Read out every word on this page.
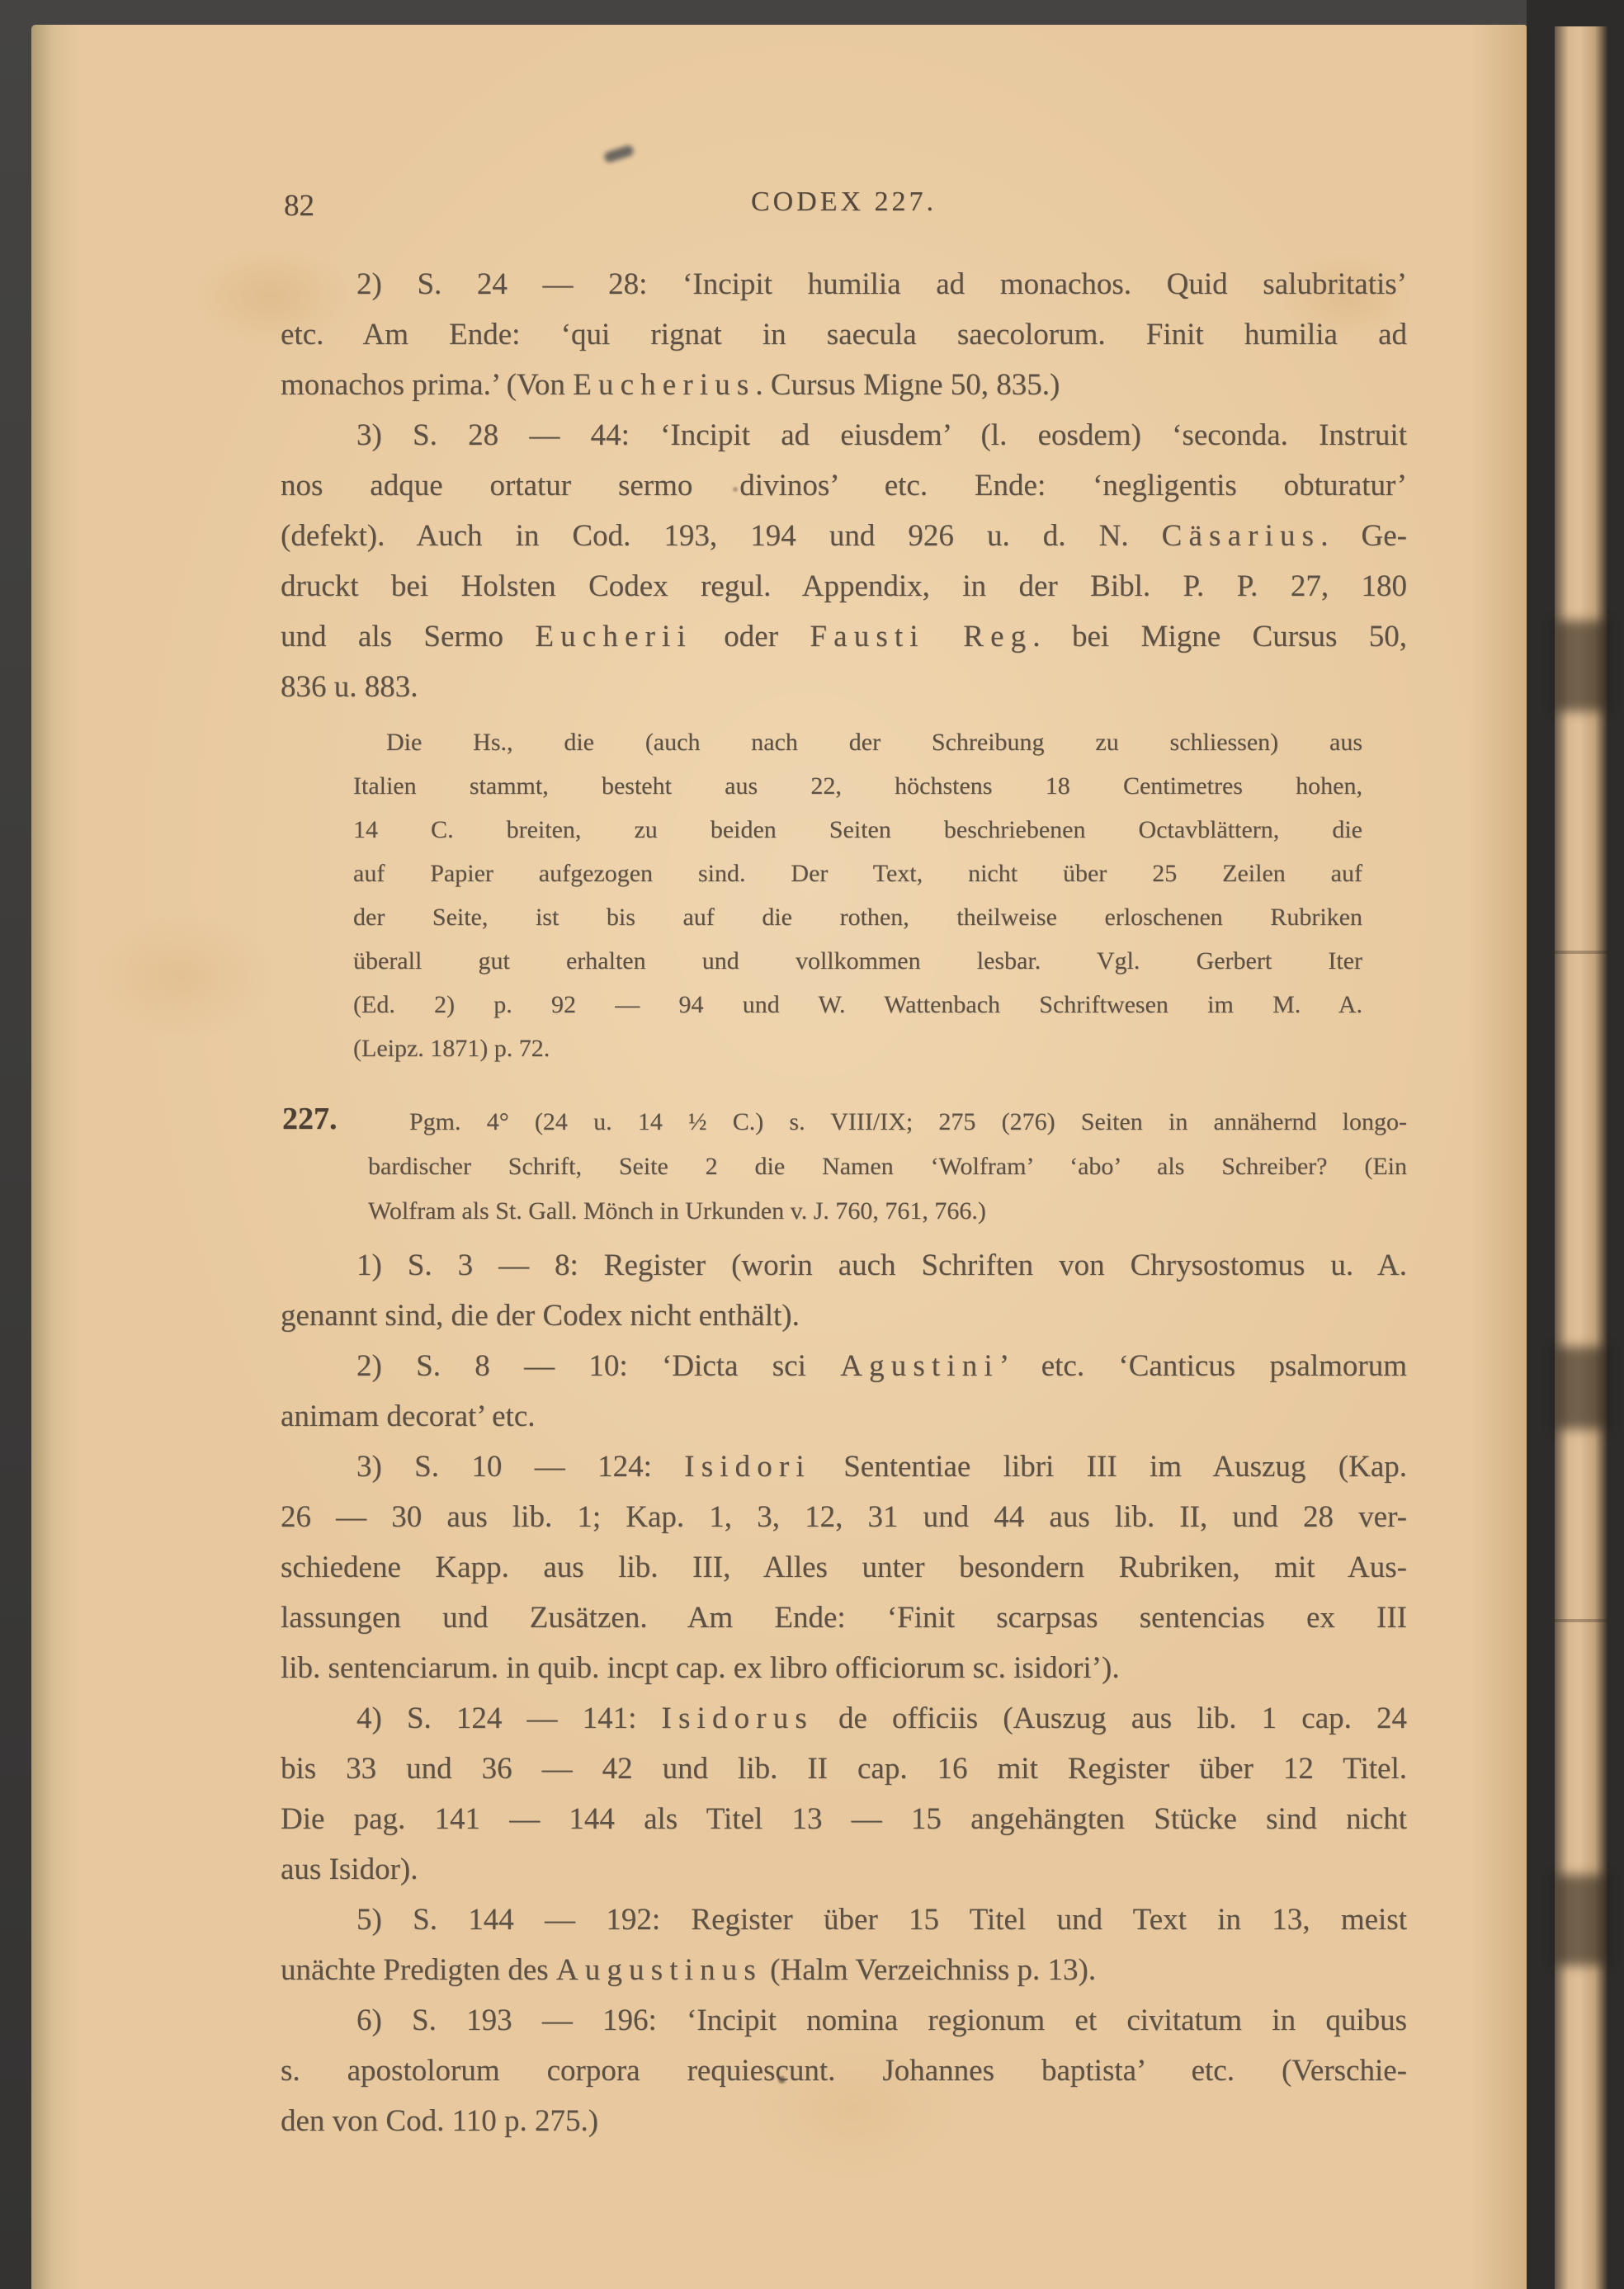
82	CODEX 227.
2) S. 24 — 28: ‘Incipit humilia ad monachos. Quid salubritatis’
etc. Am Ende: ‘qui rignat in saecula saecolorum. Finit humilia ad
monachos prima.’ (Von Eucherius. Cursus Migne 50, 835.)
3) S. 28 — 44: ‘Incipit ad eiusdem’ (l. eosdem) ‘seconda. Instruit
nos adque ortatur sermo divinos’ etc. Ende: ‘negligentis obturatur’
(defekt). Auch in Cod. 193, 194 und 926 u. d. N. Cäsarius. Ge-
druckt bei Holsten Codex regul. Appendix, in der Bibl. P. P. 27, 180
und als Sermo Eucherii oder Fausti Reg. bei Migne Cursus 50,
836 u. 883.
Die Hs., die (auch nach der Schreibung zu schliessen) aus
Italien stammt, besteht aus 22, höchstens 18 Centimetres hohen,
14 C. breiten, zu beiden Seiten beschriebenen Octavblättern, die
auf Papier aufgezogen sind. Der Text, nicht über 25 Zeilen auf
der Seite, ist bis auf die rothen, theilweise erloschenen Rubriken
überall gut erhalten und vollkommen lesbar. Vgl. Gerbert Iter
(Ed. 2) p. 92 — 94 und W. Wattenbach Schriftwesen im M. A.
(Leipz. 1871) p. 72.
227.	Pgm. 4° (24 u. 14 ½ C.) s. VIII/IX; 275 (276) Seiten in annähernd longo-
bardischer Schrift, Seite 2 die Namen ‘Wolfram’ ‘abo’ als Schreiber? (Ein
Wolfram als St. Gall. Mönch in Urkunden v. J. 760, 761, 766.)
1) S. 3 — 8: Register (worin auch Schriften von Chrysostomus u. A.
genannt sind, die der Codex nicht enthält).
2) S. 8 — 10: ‘Dicta sci Agustini’ etc. ‘Canticus psalmorum
animam decorat’ etc.
3) S. 10 — 124: Isidori Sententiae libri III im Auszug (Kap.
26 — 30 aus lib. 1; Kap. 1, 3, 12, 31 und 44 aus lib. II, und 28 ver-
schiedene Kapp. aus lib. III, Alles unter besondern Rubriken, mit Aus-
lassungen und Zusätzen. Am Ende: ‘Finit scarpsas sentencias ex III
lib. sentenciarum. in quib. incpt cap. ex libro officiorum sc. isidori’).
4) S. 124 — 141: Isidorus de officiis (Auszug aus lib. 1 cap. 24
bis 33 und 36 — 42 und lib. II cap. 16 mit Register über 12 Titel.
Die pag. 141 — 144 als Titel 13 — 15 angehängten Stücke sind nicht
aus Isidor).
5) S. 144 — 192: Register über 15 Titel und Text in 13, meist
unächte Predigten des Augustinus (Halm Verzeichniss p. 13).
6) S. 193 — 196: ‘Incipit nomina regionum et civitatum in quibus
s. apostolorum corpora requiescunt. Johannes baptista’ etc. (Verschie-
den von Cod. 110 p. 275.)
